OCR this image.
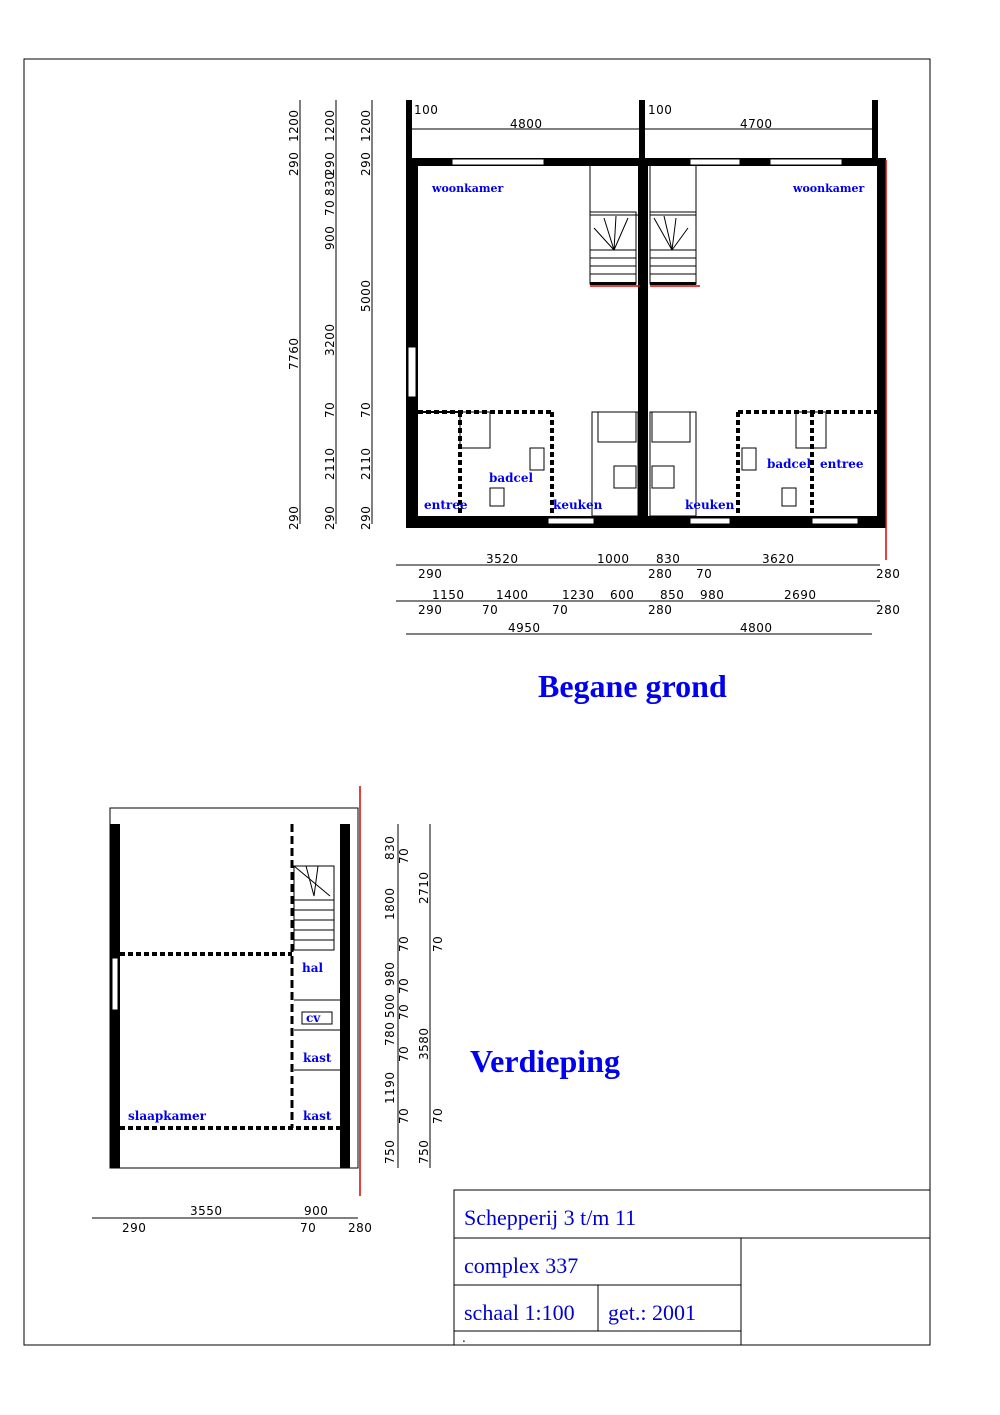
woonkamer	woonkamer
badcel
badcel
entree
entree
keuken	keuken
100
4800
100
4700
1200
290
7760
290
1200
290
830
70
900
3200
70
2110
290
1200
290
5000
70
2110
290
290
3520	1000
280
830
70
3620
280
290
1150
70
1400
70
1230 600
280
850 980	2690
280
4950	4800
Begane grond
hal
cv
kast
kast
slaapkamer
830 70
1800
70
980 70
500 70
780
70
1190
70
750
2710
70
3580
70
750
290
3550	900
70	280
Verdieping
Schepperij 3 t/m 11
complex 337
schaal 1:100 get.: 2001
.
